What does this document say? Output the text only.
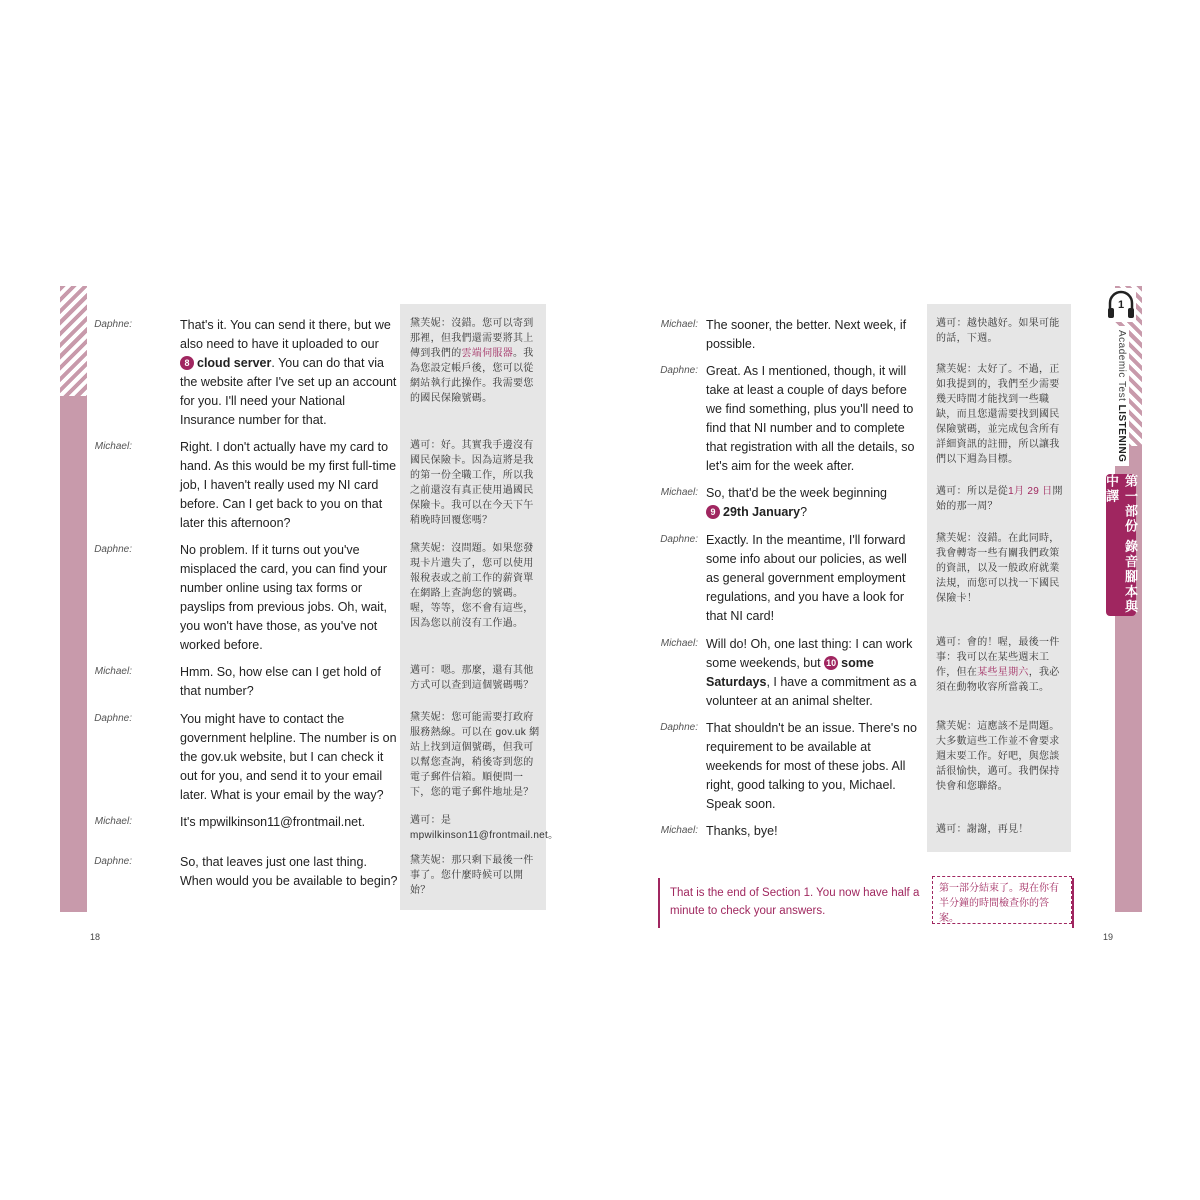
Daphne:	That's it. You can send it there, but we also need to have it uploaded to our
8 cloud server. You can do that via the website after I've set up an account for you. I'll need your National Insurance number for that.
黛芙妮：沒錯。您可以寄到那裡，但我們還需要將其上傳到我們的雲端伺服器。我為您設定帳戶後，您可以從網站執行此操作。我需要您的國民保險號碼。
Michael:	Right. I don't actually have my card to hand. As this would be my first full-time job, I haven't really used my NI card before. Can I get back to you on that later this afternoon?
邁可：好。其實我手邊沒有國民保險卡。因為這將是我的第一份全職工作，所以我之前還沒有真正使用過國民保險卡。我可以在今天下午稍晚時回覆您嗎？
Daphne:	No problem. If it turns out you've misplaced the card, you can find your number online using tax forms or payslips from previous jobs. Oh, wait, you won't have those, as you've not worked before.
黛芙妮：沒問題。如果您發現卡片遺失了，您可以使用報稅表或之前工作的薪資單在網路上查詢您的號碼。喔，等等，您不會有這些，因為您以前沒有工作過。
Michael:	Hmm. So, how else can I get hold of that number?
邁可：嗯。那麼，還有其他方式可以查到這個號碼嗎？
Daphne:	You might have to contact the government helpline. The number is on the gov.uk website, but I can check it out for you, and send it to your email later. What is your email by the way?
黛芙妮：您可能需要打政府服務熱線。可以在 gov.uk 網站上找到這個號碼，但我可以幫您查詢，稍後寄到您的電子郵件信箱。順便問一下，您的電子郵件地址是？
Michael:	It's mpwilkinson11@frontmail.net.	邁可：是 mpwilkinson11@frontmail.net。
Daphne:	So, that leaves just one last thing. When would you be available to begin?
黛芙妮：那只剩下最後一件事了。您什麼時候可以開始？
18
1
Academic Test LISTENING
第一部份 錄音腳本與中譯
Michael: The sooner, the better. Next week, if possible.
邁可：越快越好。如果可能的話，下週。
Daphne: Great. As I mentioned, though, it will take at least a couple of days before we find something, plus you'll need to find that NI number and to complete that registration with all the details, so let's aim for the week after.
黛芙妮：太好了。不過，正如我提到的，我們至少需要幾天時間才能找到一些職缺，而且您還需要找到國民保險號碼，並完成包含所有詳細資訊的註冊，所以讓我們以下週為目標。
Michael: So, that'd be the week beginning
9 29th January?
邁可：所以是從1月 29 日開始的那一周？
Daphne: Exactly. In the meantime, I'll forward some info about our policies, as well as general government employment regulations, and you have a look for that NI card!
黛芙妮：沒錯。在此同時，我會轉寄一些有關我們政策的資訊，以及一般政府就業法規，而您可以找一下國民保險卡！
Michael: Will do! Oh, one last thing: I can work some weekends, but 10 some Saturdays, I have a commitment as a volunteer at an animal shelter.
邁可：會的！喔，最後一件事：我可以在某些週末工作，但在某些星期六，我必須在動物收容所當義工。
Daphne: That shouldn't be an issue. There's no requirement to be available at weekends for most of these jobs. All right, good talking to you, Michael. Speak soon.
黛芙妮：這應該不是問題。大多數這些工作並不會要求週末要工作。好吧，與您談話很愉快，邁可。我們保持快會和您聯絡。
Michael: Thanks, bye!	邁可：謝謝，再見！
That is the end of Section 1. You now have half a minute to check your answers.
第一部分結束了。現在你有半分鐘的時間檢查你的答案。
19
